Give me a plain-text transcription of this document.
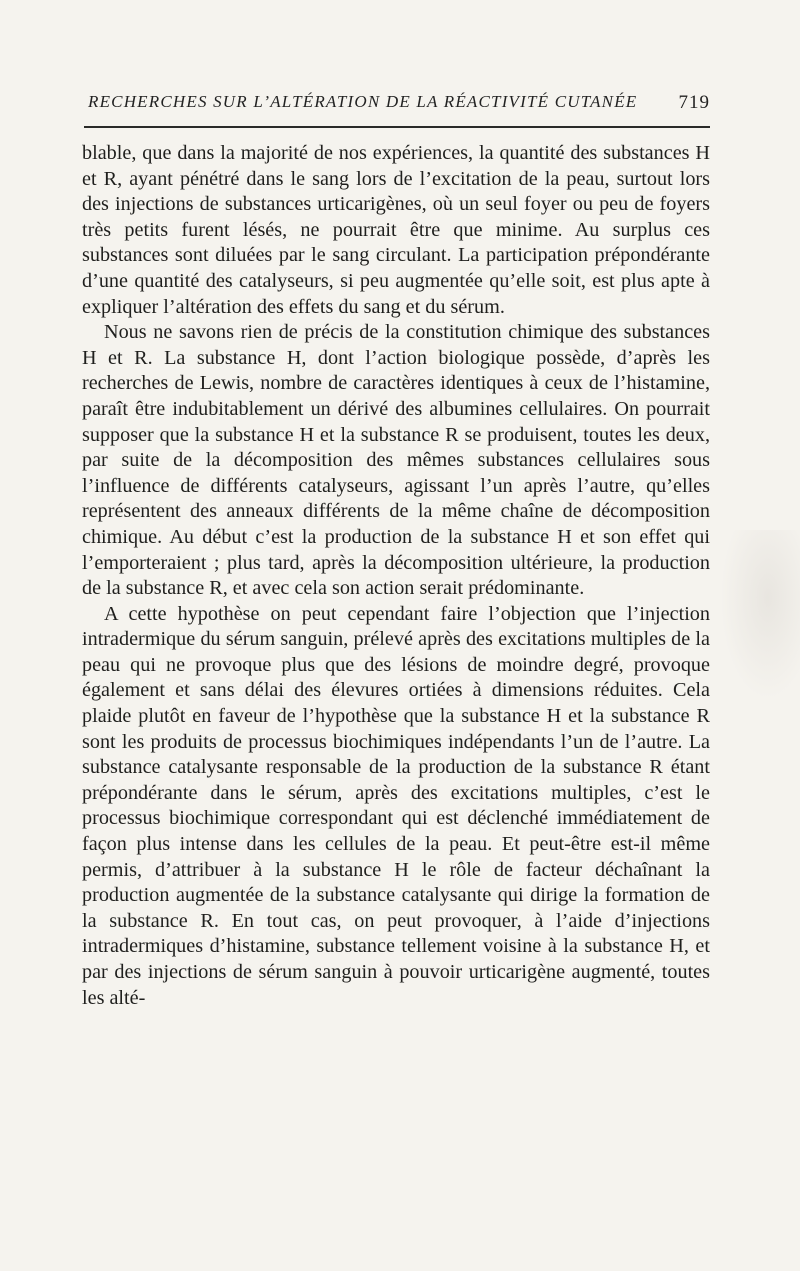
RECHERCHES SUR L’ALTÉRATION DE LA RÉACTIVITÉ CUTANÉE 719

blable, que dans la majorité de nos expériences, la quantité des substances H et R, ayant pénétré dans le sang lors de l’excitation de la peau, surtout lors des injections de substances urticarigènes, où un seul foyer ou peu de foyers très petits furent lésés, ne pourrait être que minime. Au surplus ces substances sont diluées par le sang circulant. La participation prépondérante d’une quantité des catalyseurs, si peu augmentée qu’elle soit, est plus apte à expliquer l’altération des effets du sang et du sérum.

Nous ne savons rien de précis de la constitution chimique des substances H et R. La substance H, dont l’action biologique possède, d’après les recherches de Lewis, nombre de caractères identiques à ceux de l’histamine, paraît être indubitablement un dérivé des albumines cellulaires. On pourrait supposer que la substance H et la substance R se produisent, toutes les deux, par suite de la décomposition des mêmes substances cellulaires sous l’influence de différents catalyseurs, agissant l’un après l’autre, qu’elles représentent des anneaux différents de la même chaîne de décomposition chimique. Au début c’est la production de la substance H et son effet qui l’emporteraient ; plus tard, après la décomposition ultérieure, la production de la substance R, et avec cela son action serait prédominante.

A cette hypothèse on peut cependant faire l’objection que l’injection intradermique du sérum sanguin, prélevé après des excitations multiples de la peau qui ne provoque plus que des lésions de moindre degré, provoque également et sans délai des élevures ortiées à dimensions réduites. Cela plaide plutôt en faveur de l’hypothèse que la substance H et la substance R sont les produits de processus biochimiques indépendants l’un de l’autre. La substance catalysante responsable de la production de la substance R étant prépondérante dans le sérum, après des excitations multiples, c’est le processus biochimique correspondant qui est déclenché immédiatement de façon plus intense dans les cellules de la peau. Et peut-être est-il même permis, d’attribuer à la substance H le rôle de facteur déchaînant la production augmentée de la substance catalysante qui dirige la formation de la substance R. En tout cas, on peut provoquer, à l’aide d’injections intradermiques d’histamine, substance tellement voisine à la substance H, et par des injections de sérum sanguin à pouvoir urticarigène augmenté, toutes les alté-
